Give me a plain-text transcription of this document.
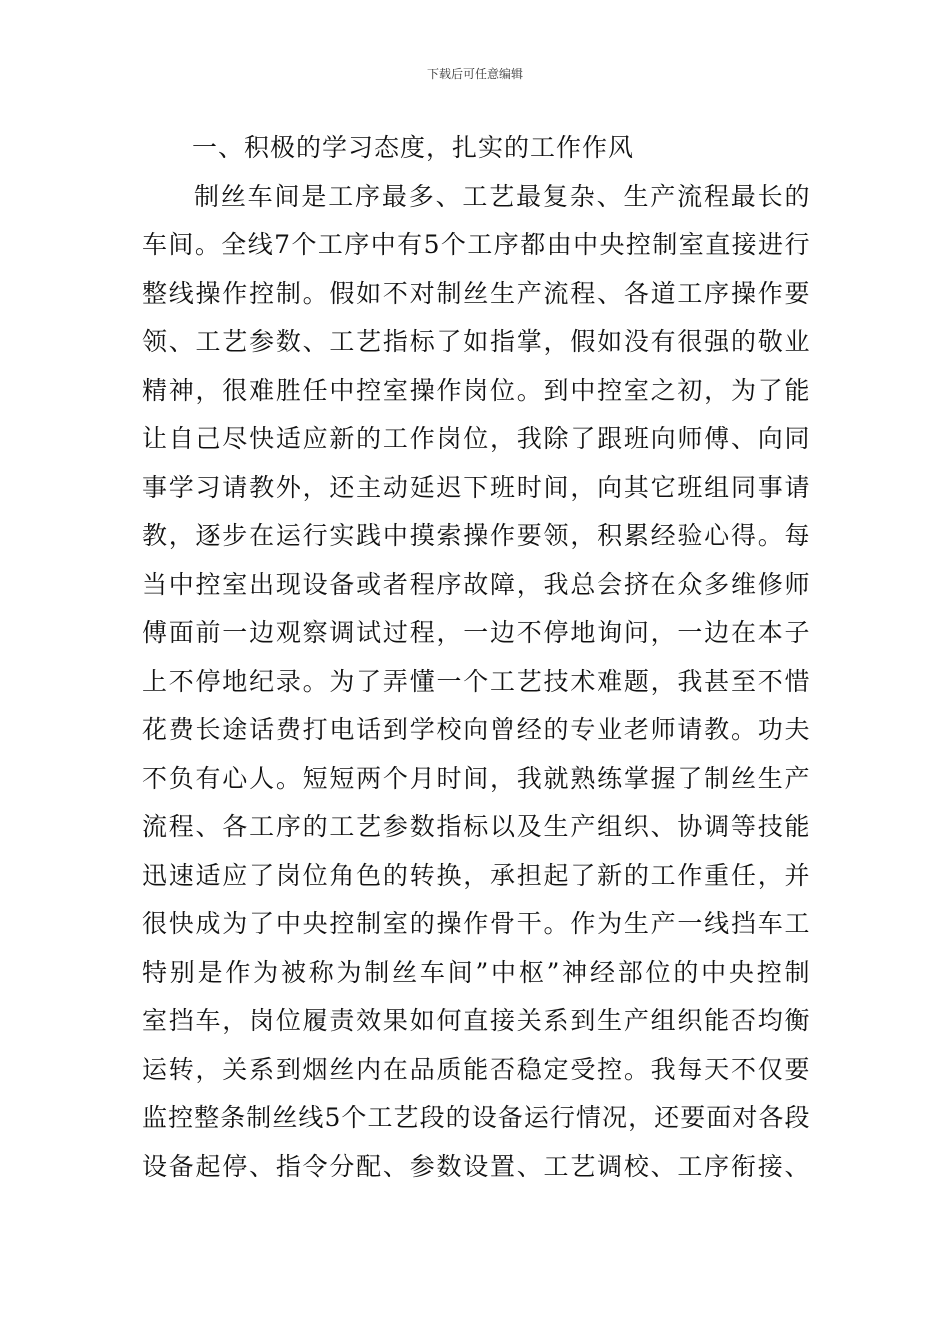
下载后可任意编辑
一、积极的学习态度，扎实的工作作风
制丝车间是工序最多、工艺最复杂、生产流程最长的
车间。全线7个工序中有5个工序都由中央控制室直接进行
整线操作控制。假如不对制丝生产流程、各道工序操作要
领、工艺参数、工艺指标了如指掌，假如没有很强的敬业
精神，很难胜任中控室操作岗位。到中控室之初，为了能
让自己尽快适应新的工作岗位，我除了跟班向师傅、向同
事学习请教外，还主动延迟下班时间，向其它班组同事请
教，逐步在运行实践中摸索操作要领，积累经验心得。每
当中控室出现设备或者程序故障，我总会挤在众多维修师
傅面前一边观察调试过程，一边不停地询问，一边在本子
上不停地纪录。为了弄懂一个工艺技术难题，我甚至不惜
花费长途话费打电话到学校向曾经的专业老师请教。功夫
不负有心人。短短两个月时间，我就熟练掌握了制丝生产
流程、各工序的工艺参数指标以及生产组织、协调等技能
迅速适应了岗位角色的转换，承担起了新的工作重任，并
很快成为了中央控制室的操作骨干。作为生产一线挡车工
特别是作为被称为制丝车间”中枢”神经部位的中央控制
室挡车，岗位履责效果如何直接关系到生产组织能否均衡
运转，关系到烟丝内在品质能否稳定受控。我每天不仅要
监控整条制丝线5个工艺段的设备运行情况，还要面对各段
设备起停、指令分配、参数设置、工艺调校、工序衔接、
